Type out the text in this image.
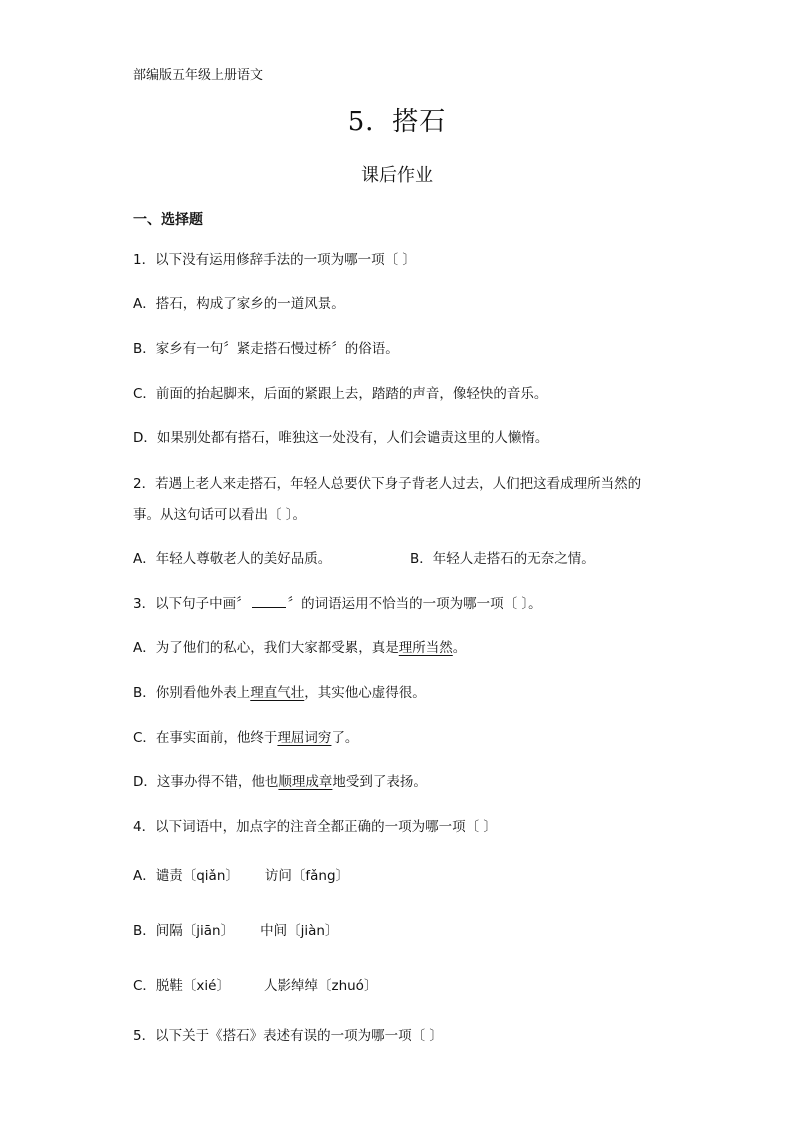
部编版五年级上册语文
5．搭石
课后作业
一、选择题
1．以下没有运用修辞手法的一项为哪一项〔 〕
A．搭石，构成了家乡的一道风景。
B．家乡有一句〞紧走搭石慢过桥〞的俗语。
C．前面的抬起脚来，后面的紧跟上去，踏踏的声音，像轻快的音乐。
D．如果别处都有搭石，唯独这一处没有，人们会谴责这里的人懒惰。
2．若遇上老人来走搭石，年轻人总要伏下身子背老人过去，人们把这看成理所当然的
事。从这句话可以看出〔 〕。
A．年轻人尊敬老人的美好品质。	B．年轻人走搭石的无奈之情。
3．以下句子中画〞	〞的词语运用不恰当的一项为哪一项〔 〕。
A．为了他们的私心，我们大家都受累，真是理所当然。
B．你别看他外表上理直气壮，其实他心虚得很。
C．在事实面前，他终于理屈词穷了。
D．这事办得不错，他也顺理成章地受到了表扬。
4．以下词语中，加点字的注音全都正确的一项为哪一项〔 〕
A．谴责〔qiǎn〕 访问〔fǎng〕
B．间隔〔jiān〕 中间〔jiàn〕
C．脱鞋〔xié〕	人影绰绰〔zhuó〕
5．以下关于《搭石》表述有误的一项为哪一项〔 〕
